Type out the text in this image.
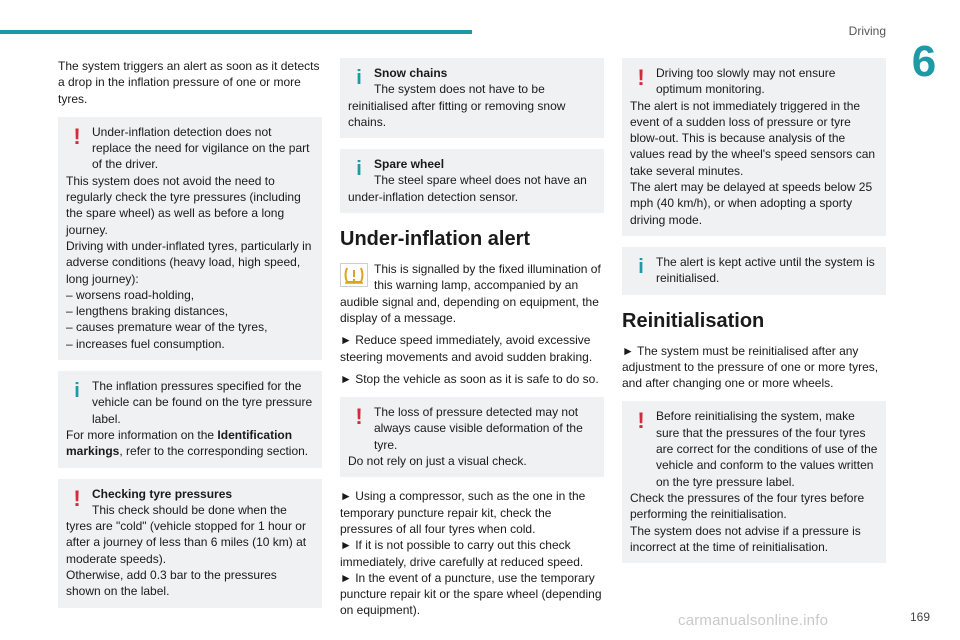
Driving
6

The system triggers an alert as soon as it detects a drop in the inflation pressure of one or more tyres.

! Under-inflation detection does not replace the need for vigilance on the part of the driver.
This system does not avoid the need to regularly check the tyre pressures (including the spare wheel) as well as before a long journey.
Driving with under-inflated tyres, particularly in adverse conditions (heavy load, high speed, long journey):
– worsens road-holding,
– lengthens braking distances,
– causes premature wear of the tyres,
– increases fuel consumption.
i	The inflation pressures specified for the vehicle can be found on the tyre pressure label.
For more information on the Identification markings, refer to the corresponding section.
! Checking tyre pressures
This check should be done when the tyres are "cold" (vehicle stopped for 1 hour or after a journey of less than 6 miles (10 km) at moderate speeds).
Otherwise, add 0.3 bar to the pressures shown on the label.
i	Snow chains
The system does not have to be reinitialised after fitting or removing snow chains.
i	Spare wheel
The steel spare wheel does not have an under-inflation detection sensor.
Under-inflation alert

This is signalled by the fixed illumination of this warning lamp, accompanied by an audible signal and, depending on equipment, the display of a message.

► Reduce speed immediately, avoid excessive steering movements and avoid sudden braking.

► Stop the vehicle as soon as it is safe to do so.

! The loss of pressure detected may not always cause visible deformation of the tyre.
Do not rely on just a visual check.

► Using a compressor, such as the one in the temporary puncture repair kit, check the pressures of all four tyres when cold.

► If it is not possible to carry out this check immediately, drive carefully at reduced speed.

► In the event of a puncture, use the temporary puncture repair kit or the spare wheel (depending on equipment).

! Driving too slowly may not ensure optimum monitoring.
The alert is not immediately triggered in the event of a sudden loss of pressure or tyre blow-out. This is because analysis of the values read by the wheel's speed sensors can take several minutes.
The alert may be delayed at speeds below 25 mph (40 km/h), or when adopting a sporty driving mode.
i	The alert is kept active until the system is reinitialised.
Reinitialisation

► The system must be reinitialised after any adjustment to the pressure of one or more tyres, and after changing one or more wheels.

! Before reinitialising the system, make sure that the pressures of the four tyres are correct for the conditions of use of the vehicle and conform to the values written on the tyre pressure label.
Check the pressures of the four tyres before performing the reinitialisation.
The system does not advise if a pressure is incorrect at the time of reinitialisation.
carmanualsonline.info	169
